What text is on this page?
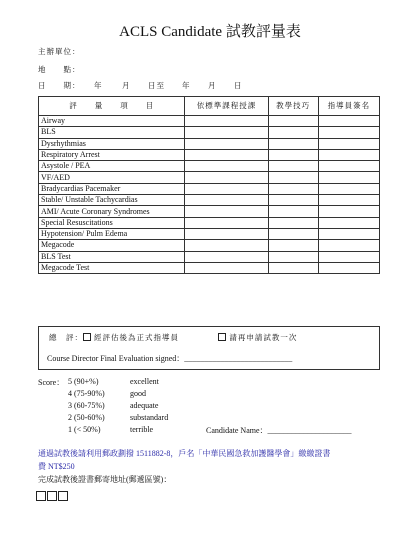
ACLS Candidate 試教評量表
主辦單位：
地　　點：
日　　期： 年	月 日至 年 月 日
評　　量　　項　　目	依標準課程授課	教學技巧	指導員簽名
Airway			
BLS			
Dysrhythmias			
Respiratory Arrest			
Asystole / PEA			
VF/AED			
Bradycardias Pacemaker			
Stable/ Unstable Tachycardias			
AMI/ Acute Coronary Syndromes			
Special Resuscitations			
Hypotension/ Pulm Edema			
Megacode			
BLS Test			
Megacode Test			
總　評： 經評估後為正式指導員	請再申請試教一次
Course Director Final Evaluation signed：___________________________
Score： 5 (90+%)	excellent
4 (75-90%)	good
3 (60-75%)	adequate
2 (50-60%)	substandard
1 (< 50%)	terrible	Candidate Name：_____________________
通過試教後請利用郵政劃撥 1511882-8，戶名「中華民國急救加護醫學會」繳繳證書
費 NT$250
完成試教後證書郵寄地址(郵遞區號)：
